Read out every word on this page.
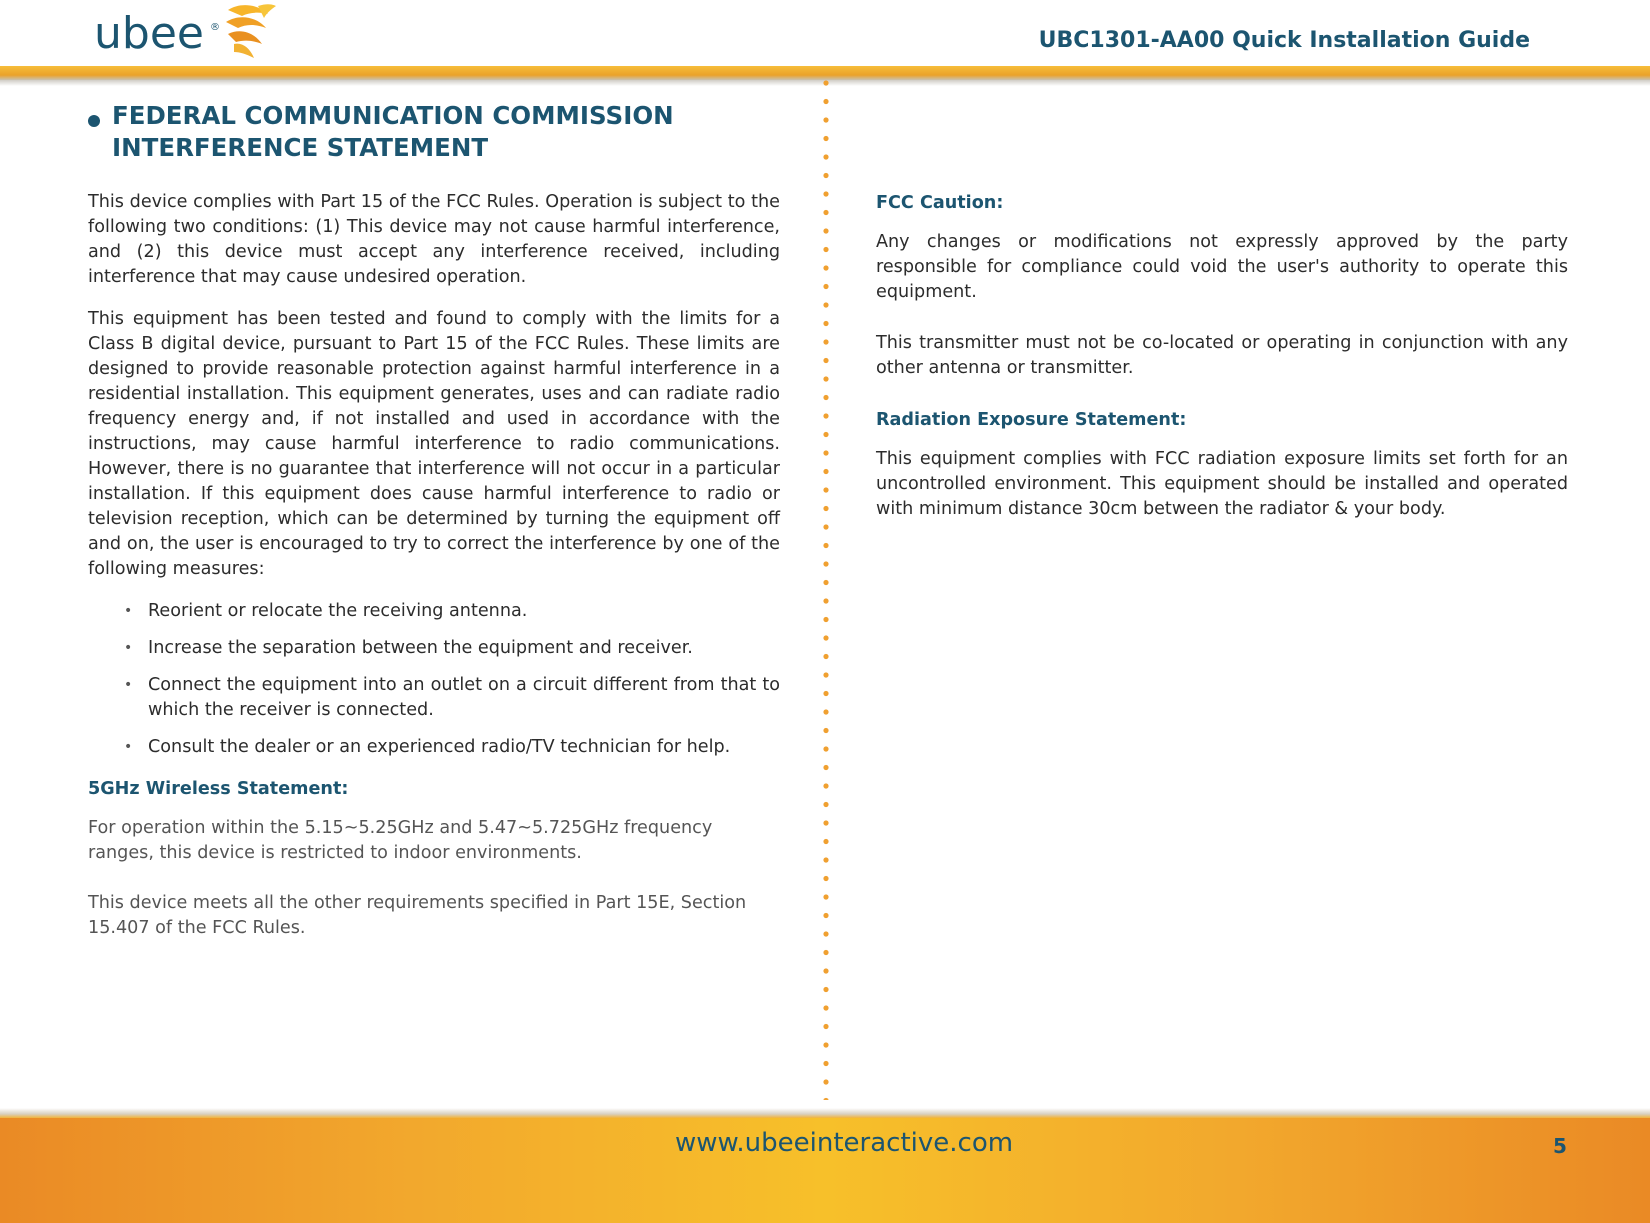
ubee ®
UBC1301-AA00 Quick Installation Guide
FEDERAL COMMUNICATION COMMISSION
INTERFERENCE STATEMENT

This device complies with Part 15 of the FCC Rules. Operation is subject to the following two conditions: (1) This device may not cause harmful interference, and (2) this device must accept any interference received, including interference that may cause undesired operation.

This equipment has been tested and found to comply with the limits for a Class B digital device, pursuant to Part 15 of the FCC Rules. These limits are designed to provide reasonable protection against harmful interference in a residential installation. This equipment generates, uses and can radiate radio frequency energy and, if not installed and used in accordance with the instructions, may cause harmful interference to radio communications. However, there is no guarantee that interference will not occur in a particular installation. If this equipment does cause harmful interference to radio or television reception, which can be determined by turning the equipment off and on, the user is encouraged to try to correct the interference by one of the following measures:

• Reorient or relocate the receiving antenna.
• Increase the separation between the equipment and receiver.
• Connect the equipment into an outlet on a circuit different from that to which the receiver is connected.
• Consult the dealer or an experienced radio/TV technician for help.
5GHz Wireless Statement:

For operation within the 5.15~5.25GHz and 5.47~5.725GHz frequency ranges, this device is restricted to indoor environments.

This device meets all the other requirements specified in Part 15E, Section 15.407 of the FCC Rules.

FCC Caution:

Any changes or modifications not expressly approved by the party responsible for compliance could void the user's authority to operate this equipment.

This transmitter must not be co-located or operating in conjunction with any other antenna or transmitter.

Radiation Exposure Statement:

This equipment complies with FCC radiation exposure limits set forth for an uncontrolled environment. This equipment should be installed and operated with minimum distance 30cm between the radiator & your body.

www.ubeeinteractive.com	5
